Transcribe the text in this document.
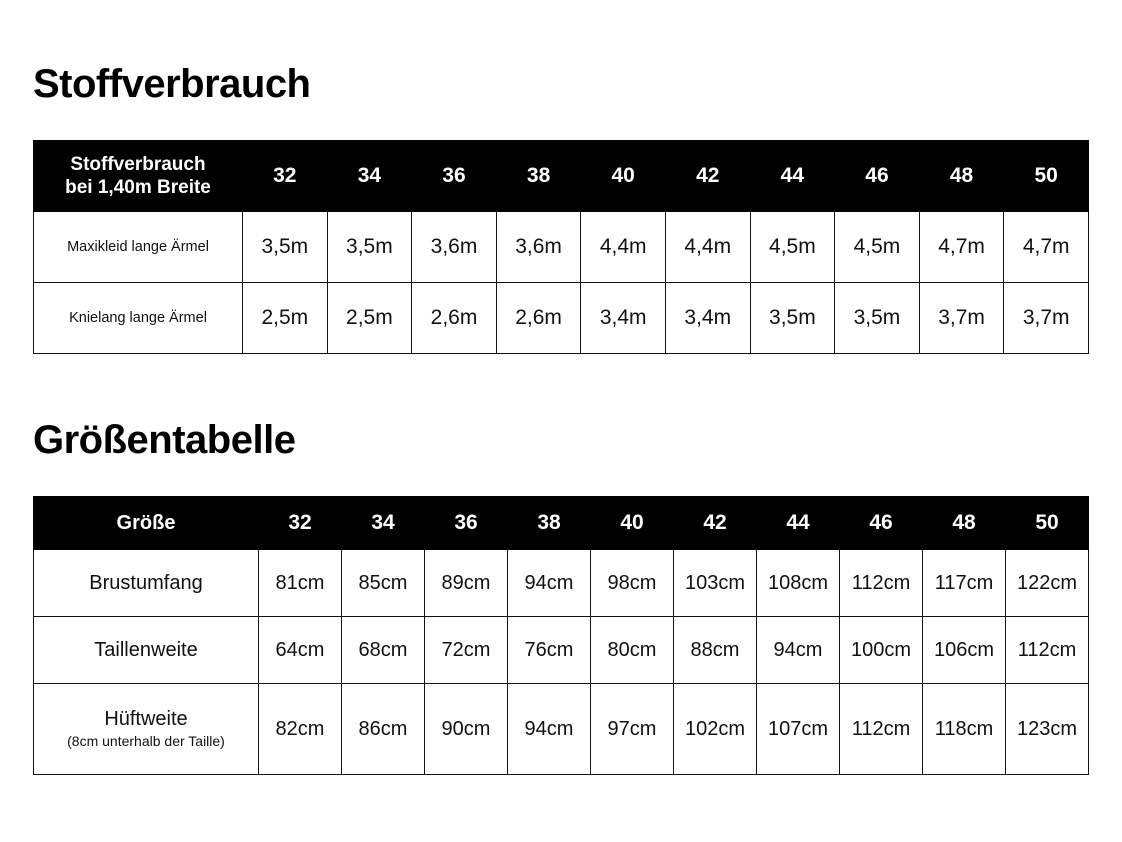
Stoffverbrauch
Stoffverbrauch
bei 1,40m Breite	32	34	36	38	40	42	44	46	48	50
Maxikleid lange Ärmel	3,5m	3,5m	3,6m	3,6m	4,4m	4,4m	4,5m	4,5m	4,7m	4,7m
Knielang lange Ärmel	2,5m	2,5m	2,6m	2,6m	3,4m	3,4m	3,5m	3,5m	3,7m	3,7m
Größentabelle
Größe	32	34	36	38	40	42	44	46	48	50
Brustumfang	81cm	85cm	89cm	94cm	98cm	103cm	108cm	112cm	117cm	122cm
Taillenweite	64cm	68cm	72cm	76cm	80cm	88cm	94cm	100cm	106cm	112cm
Hüftweite
(8cm unterhalb der Taille)	82cm	86cm	90cm	94cm	97cm	102cm	107cm	112cm	118cm	123cm
